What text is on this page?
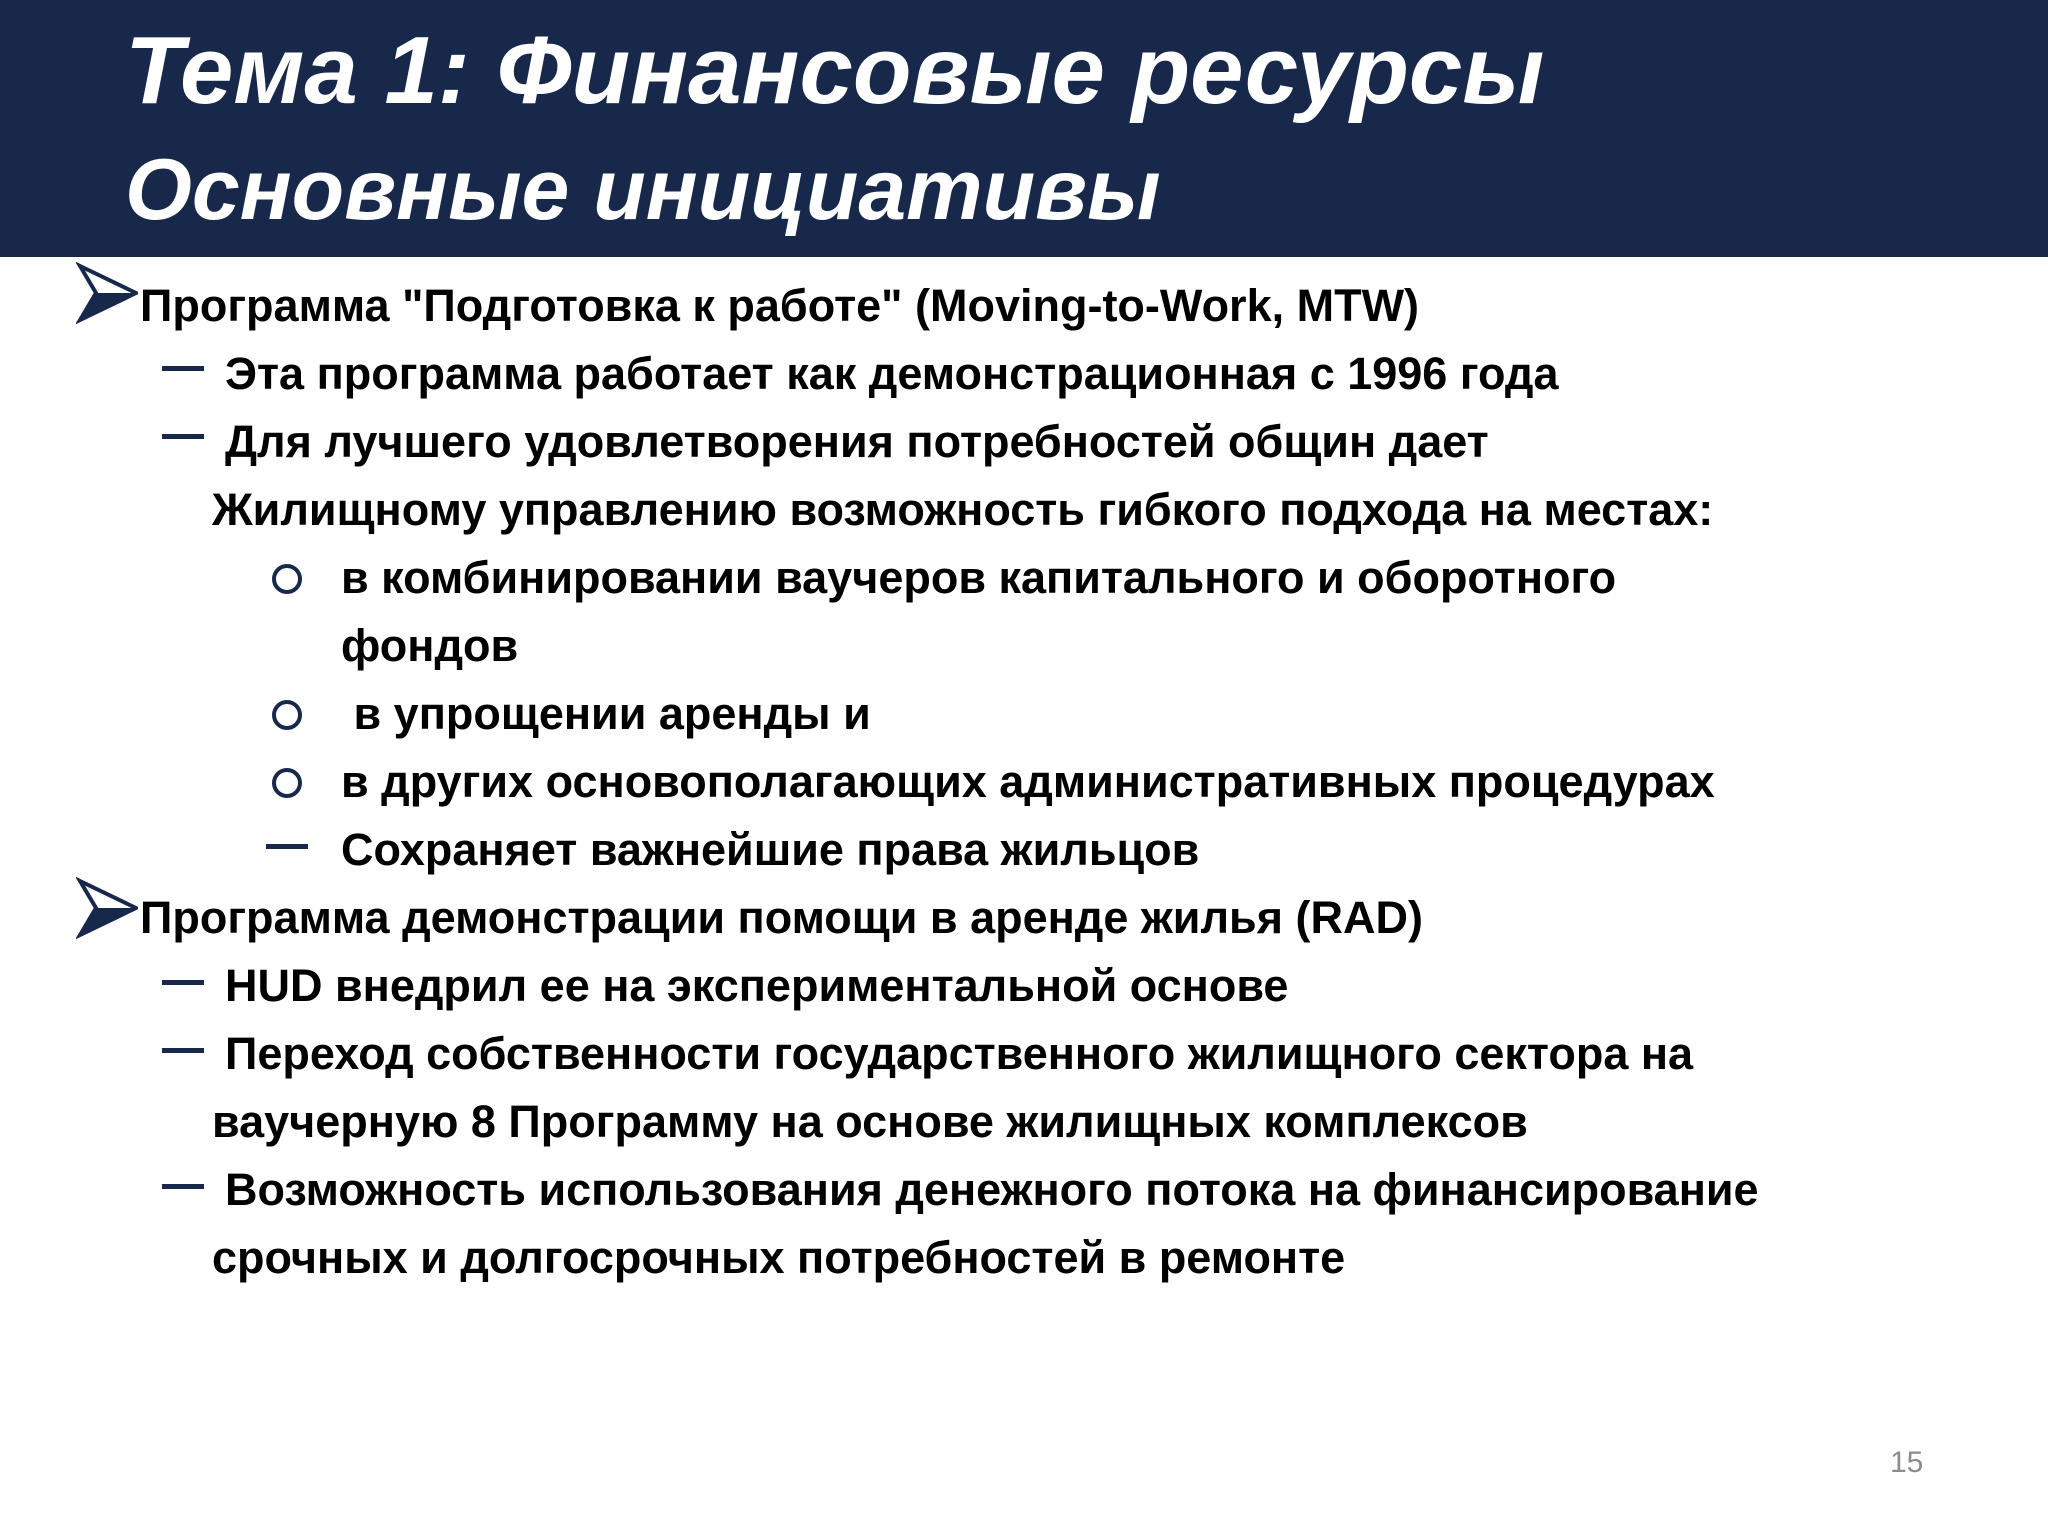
Тема 1: Финансовые ресурсы
Основные инициативы
Программа "Подготовка к работе" (Moving-to-Work, MTW)
Эта программа работает как демонстрационная с 1996 года
Для лучшего удовлетворения потребностей общин дает
Жилищному управлению возможность гибкого подхода на местах:
в комбинировании ваучеров капитального и оборотного
фондов
в упрощении аренды и
в других основополагающих административных процедурах
Сохраняет важнейшие права жильцов
Программа демонстрации помощи в аренде жилья (RAD)
HUD внедрил ее на экспериментальной основе
Переход собственности государственного жилищного сектора на
ваучерную 8 Программу на основе жилищных комплексов
Возможность использования денежного потока на финансирование
срочных и долгосрочных потребностей в ремонте
15
